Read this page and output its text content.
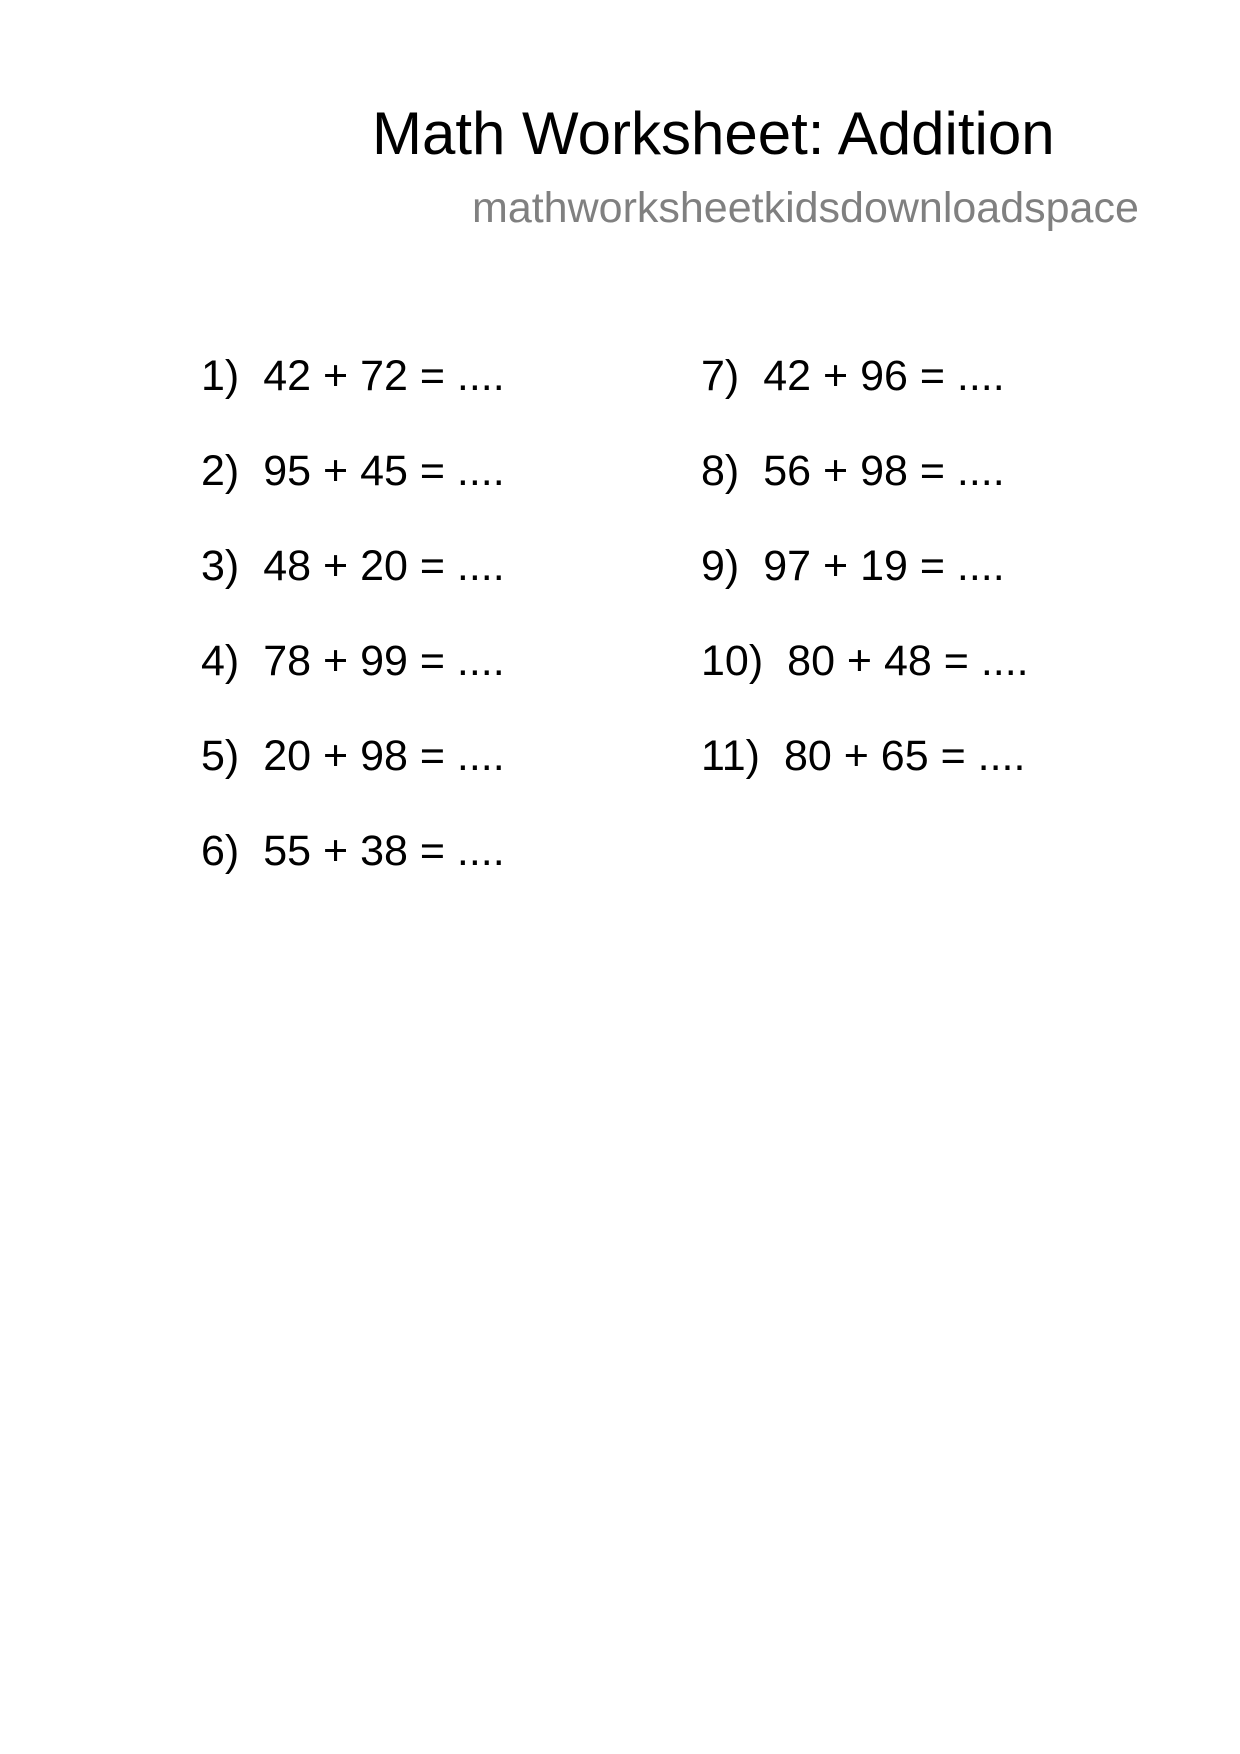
Math Worksheet: Addition
mathworksheetkidsdownloadspace
1) 42 + 72 = ....
2) 95 + 45 = ....
3) 48 + 20 = ....
4) 78 + 99 = ....
5) 20 + 98 = ....
6) 55 + 38 = ....
7) 42 + 96 = ....
8) 56 + 98 = ....
9) 97 + 19 = ....
10) 80 + 48 = ....
11) 80 + 65 = ....
